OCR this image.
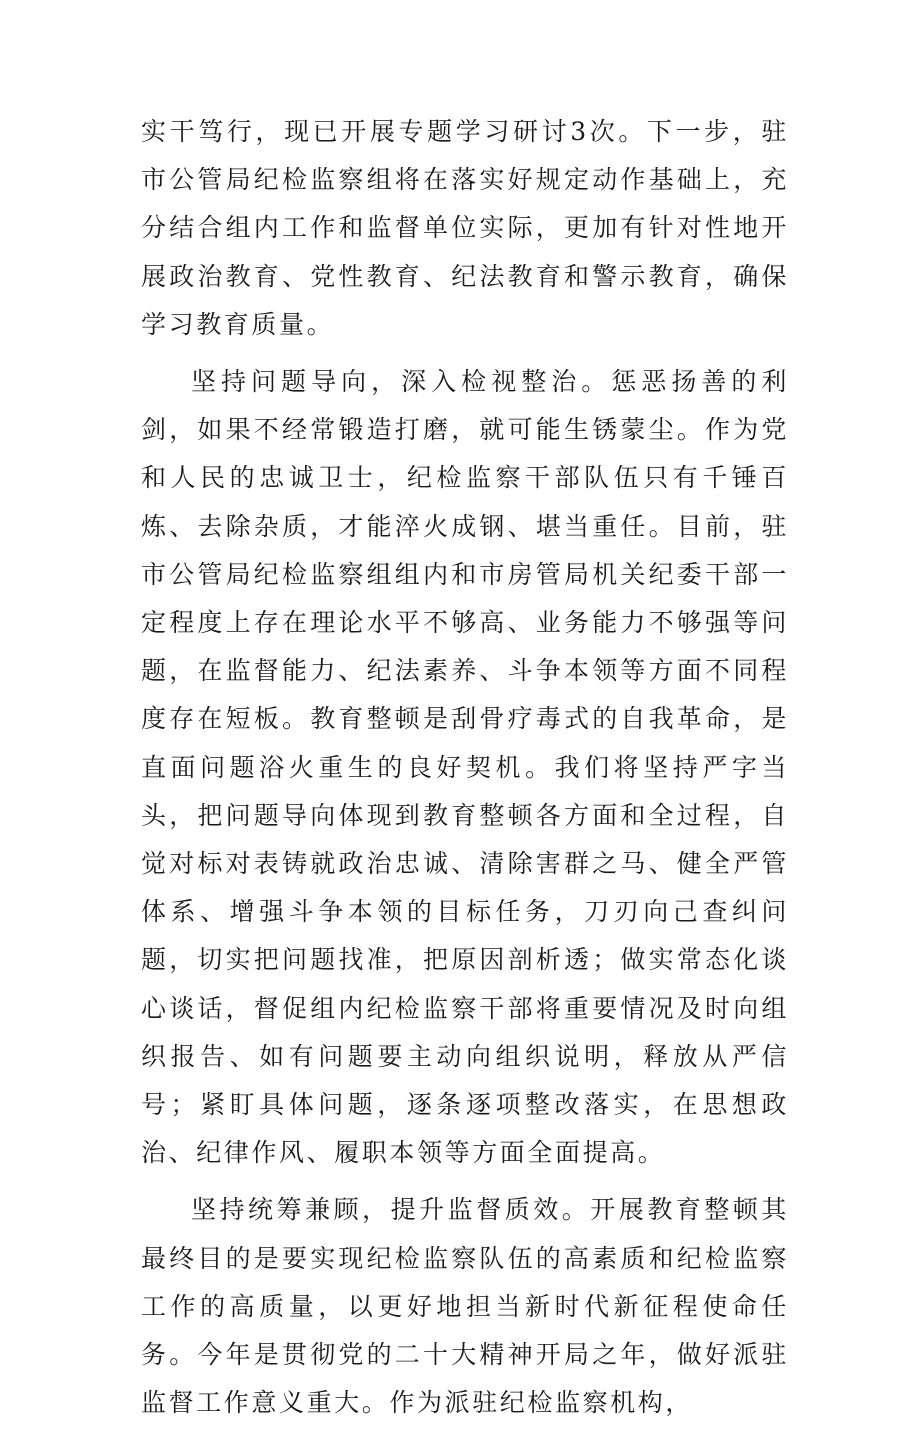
实干笃行，现已开展专题学习研讨3次。下一步，驻市公管局纪检监察组将在落实好规定动作基础上，充分结合组内工作和监督单位实际，更加有针对性地开展政治教育、党性教育、纪法教育和警示教育，确保学习教育质量。

坚持问题导向，深入检视整治。惩恶扬善的利剑，如果不经常锻造打磨，就可能生锈蒙尘。作为党和人民的忠诚卫士，纪检监察干部队伍只有千锤百炼、去除杂质，才能淬火成钢、堪当重任。目前，驻市公管局纪检监察组组内和市房管局机关纪委干部一定程度上存在理论水平不够高、业务能力不够强等问题，在监督能力、纪法素养、斗争本领等方面不同程度存在短板。教育整顿是刮骨疗毒式的自我革命，是直面问题浴火重生的良好契机。我们将坚持严字当头，把问题导向体现到教育整顿各方面和全过程，自觉对标对表铸就政治忠诚、清除害群之马、健全严管体系、增强斗争本领的目标任务，刀刃向己查纠问题，切实把问题找准，把原因剖析透；做实常态化谈心谈话，督促组内纪检监察干部将重要情况及时向组织报告、如有问题要主动向组织说明，释放从严信号；紧盯具体问题，逐条逐项整改落实，在思想政治、纪律作风、履职本领等方面全面提高。

坚持统筹兼顾，提升监督质效。开展教育整顿其最终目的是要实现纪检监察队伍的高素质和纪检监察工作的高质量，以更好地担当新时代新征程使命任务。今年是贯彻党的二十大精神开局之年，做好派驻监督工作意义重大。作为派驻纪检监察机构，
